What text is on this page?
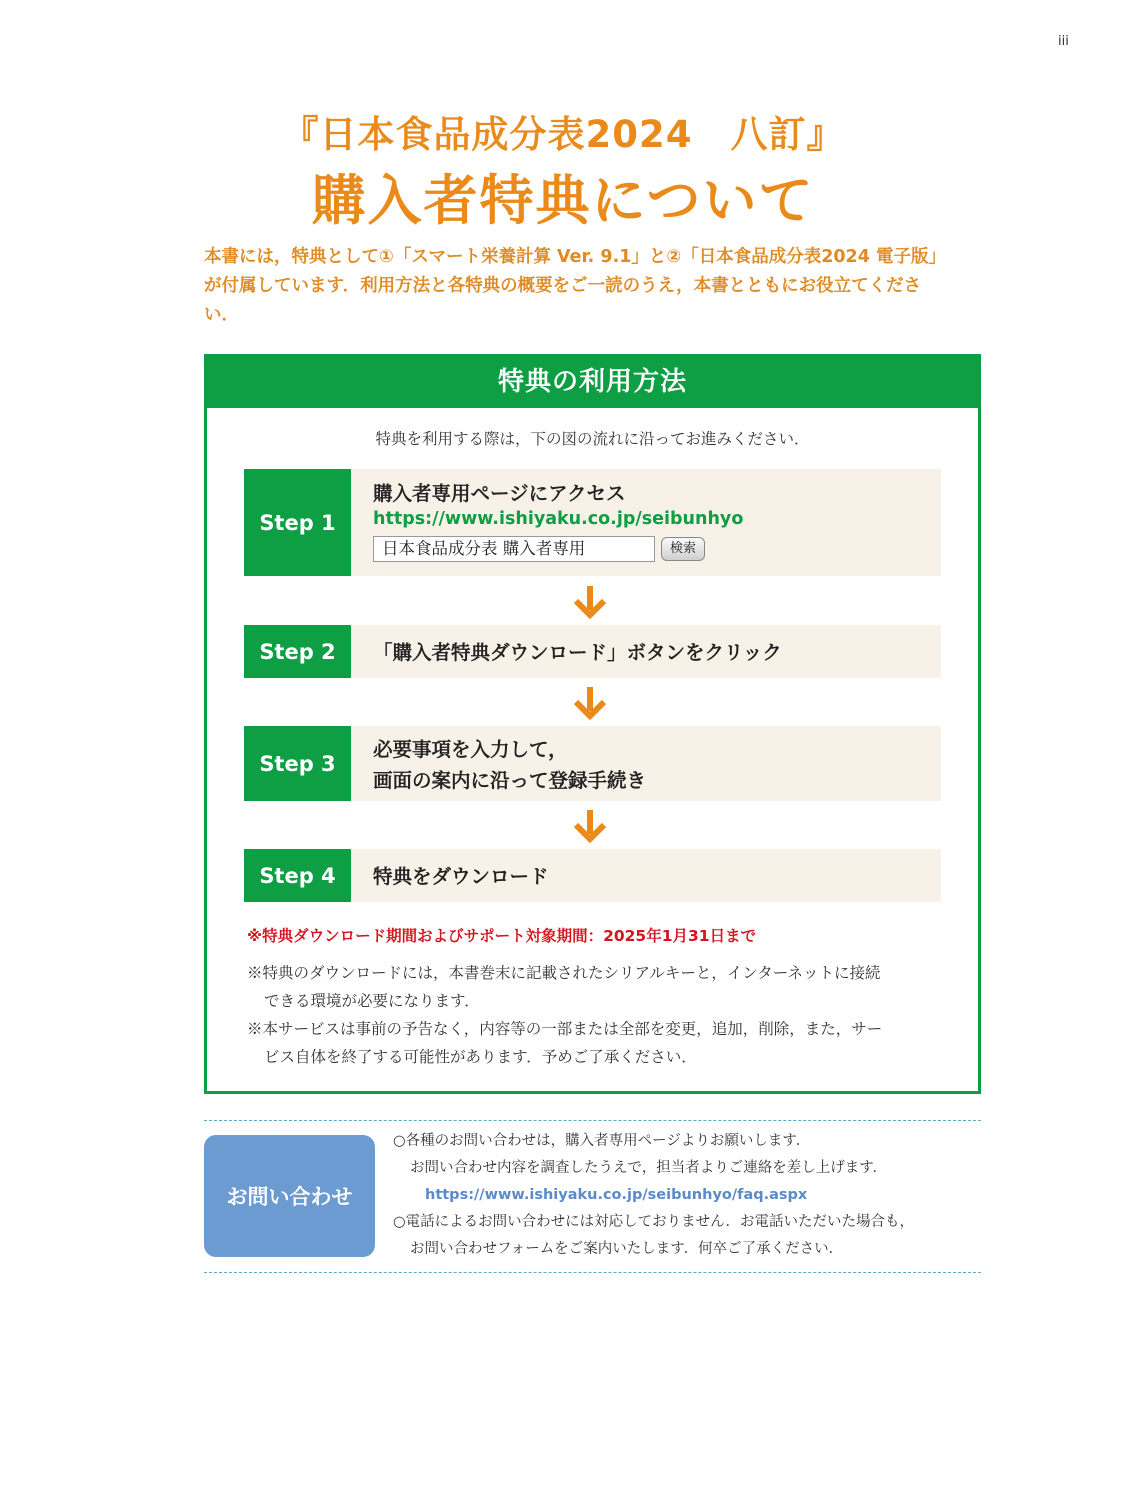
iii
『日本食品成分表2024　八訂』
購入者特典について
本書には，特典として①「スマート栄養計算 Ver. 9.1」と②「日本食品成分表2024 電子版」
が付属しています．利用方法と各特典の概要をご一読のうえ，本書とともにお役立てくださ
い．
特典の利用方法
特典を利用する際は，下の図の流れに沿ってお進みください．
Step 1
購入者専用ページにアクセス
https://www.ishiyaku.co.jp/seibunhyo
日本食品成分表 購入者専用	検索
Step 2	「購入者特典ダウンロード」ボタンをクリック
Step 3
必要事項を入力して，
画面の案内に沿って登録手続き
Step 4	特典をダウンロード
※特典ダウンロード期間およびサポート対象期間：2025年1月31日まで

※特典のダウンロードには，本書巻末に記載されたシリアルキーと，インターネットに接続
できる環境が必要になります．

※本サービスは事前の予告なく，内容等の一部または全部を変更，追加，削除，また，サー
ビス自体を終了する可能性があります．予めご了承ください．

お問い合わせ
○各種のお問い合わせは，購入者専用ページよりお願いします．
お問い合わせ内容を調査したうえで，担当者よりご連絡を差し上げます．
https://www.ishiyaku.co.jp/seibunhyo/faq.aspx
○電話によるお問い合わせには対応しておりません．お電話いただいた場合も，
お問い合わせフォームをご案内いたします．何卒ご了承ください．
